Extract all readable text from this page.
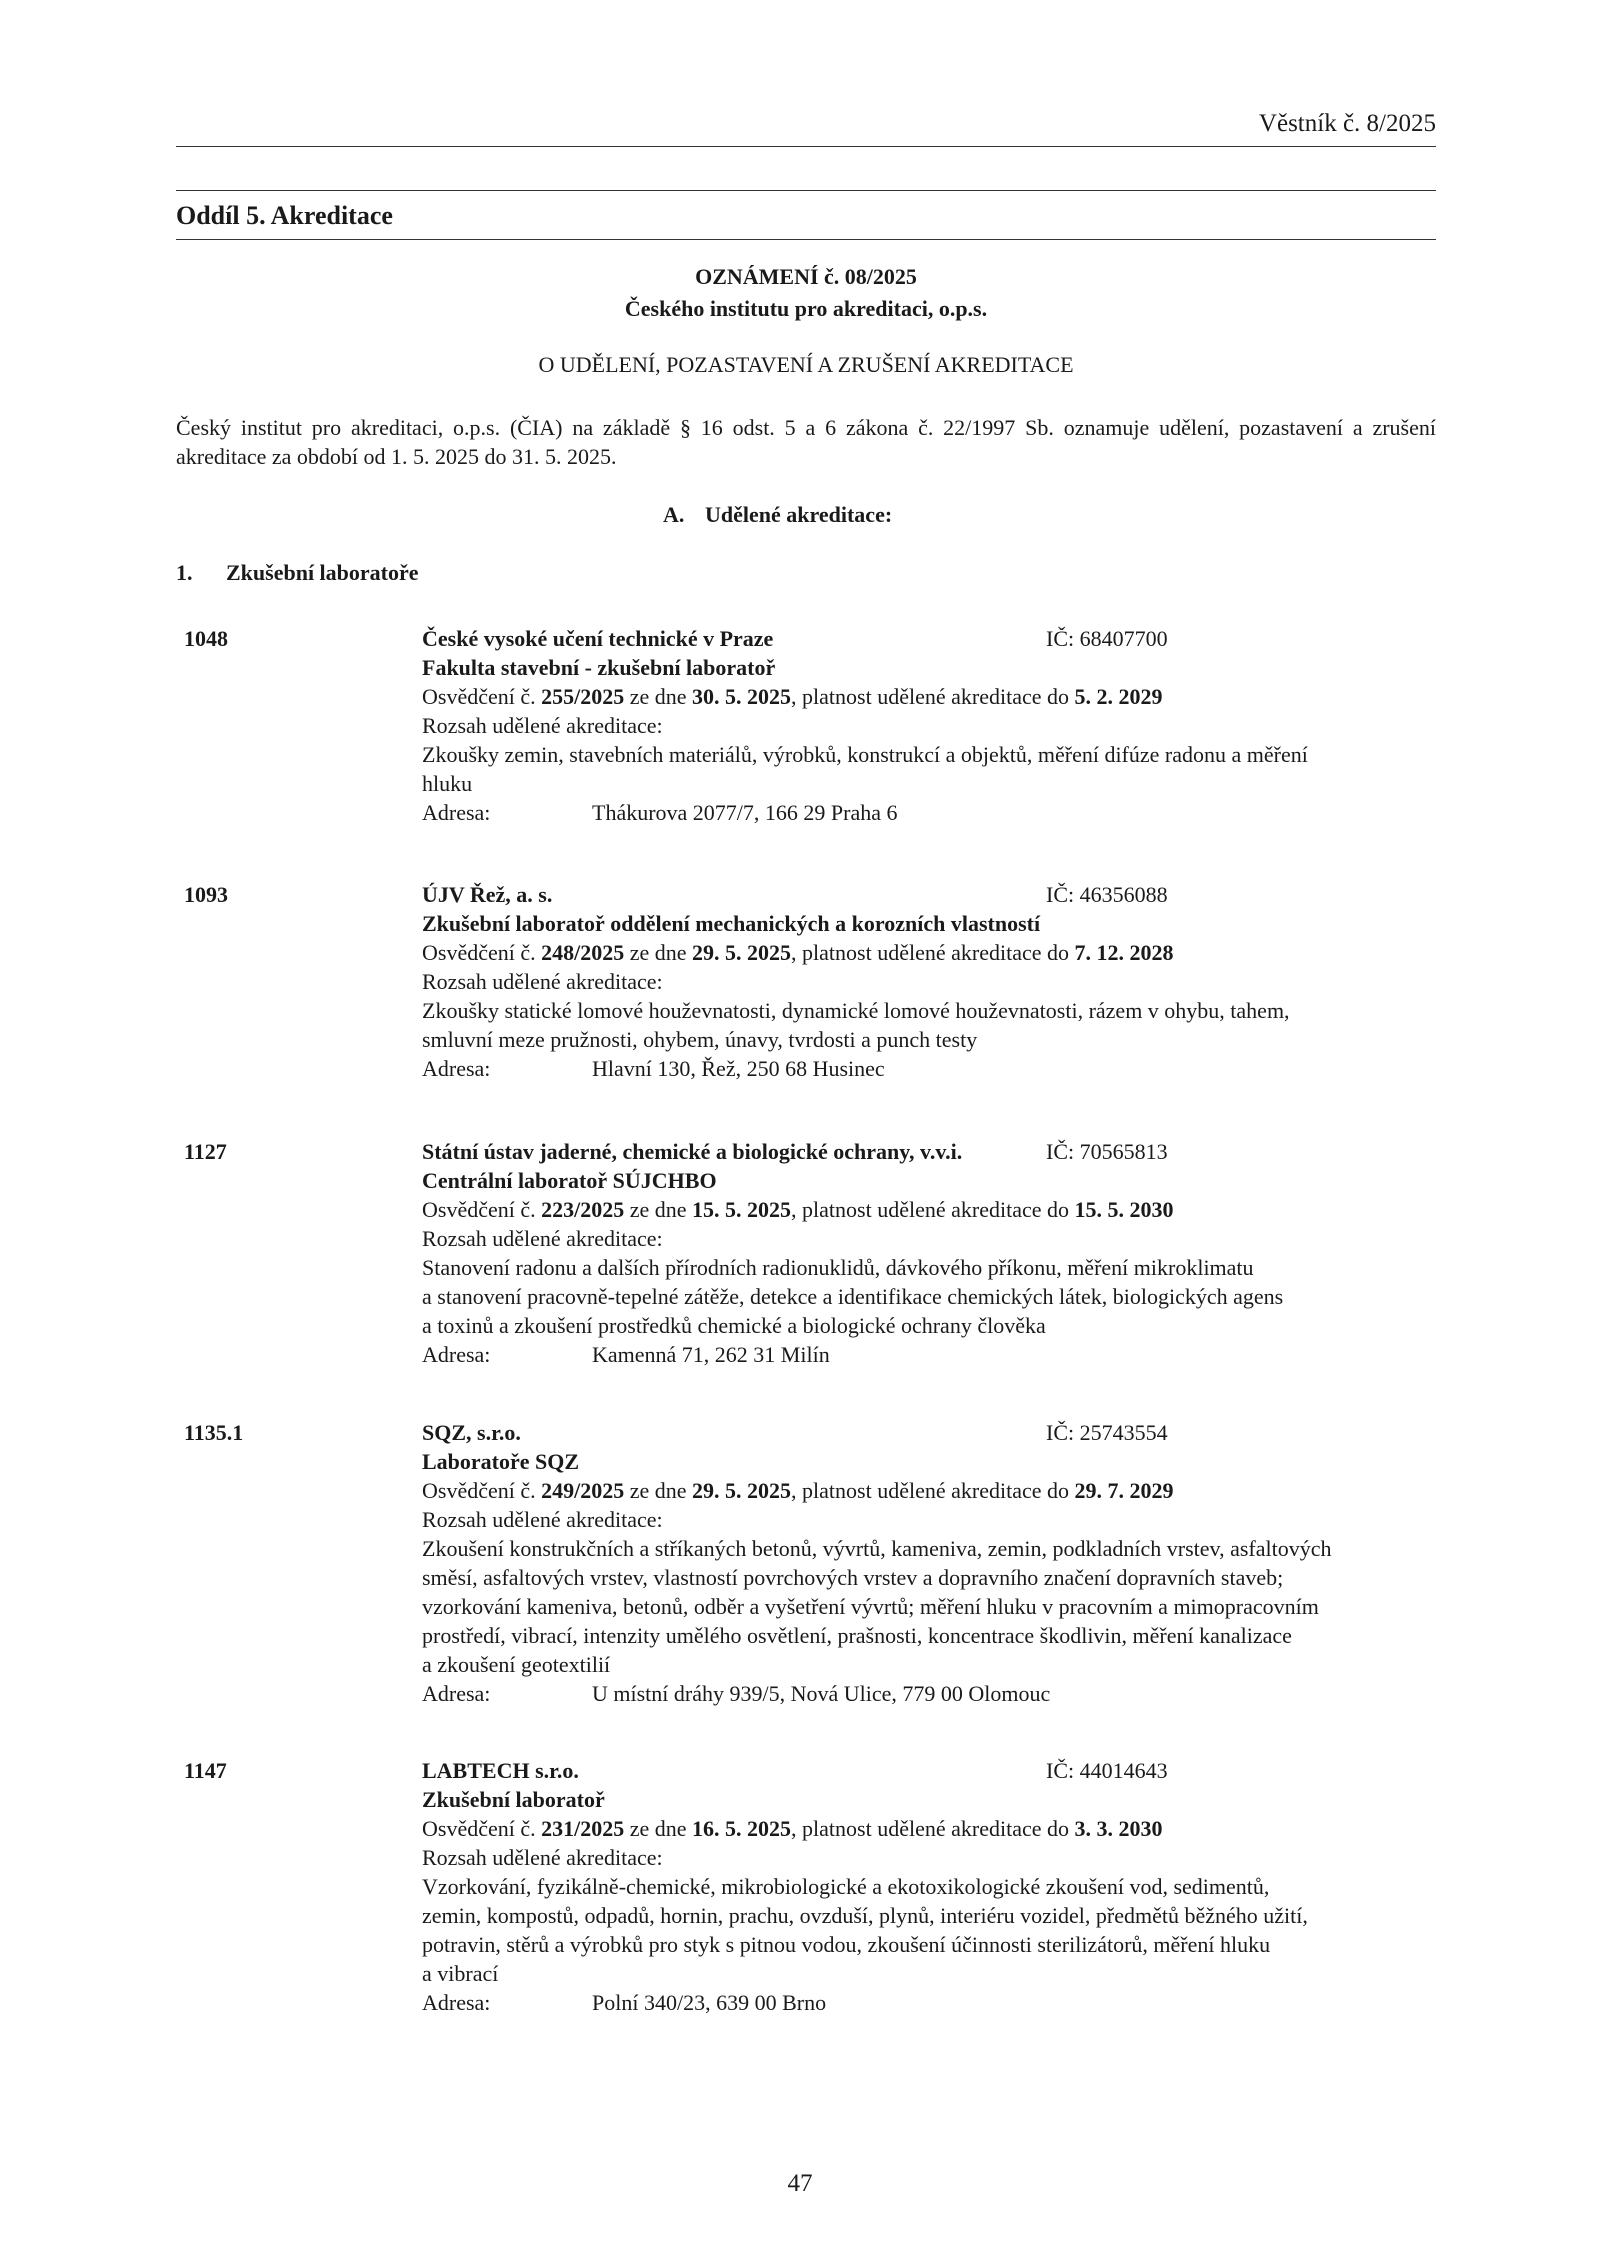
Věstník č. 8/2025
Oddíl 5. Akreditace
OZNÁMENÍ č. 08/2025
Českého institutu pro akreditaci, o.p.s.
O UDĚLENÍ, POZASTAVENÍ A ZRUŠENÍ AKREDITACE
Český institut pro akreditaci, o.p.s. (ČIA) na základě § 16 odst. 5 a 6 zákona č. 22/1997 Sb. oznamuje udělení, pozastavení a zrušení akreditace za období od 1. 5. 2025 do 31. 5. 2025.
A. Udělené akreditace:
1. Zkušební laboratoře
1048	České vysoké učení technické v Praze	IČ: 68407700
Fakulta stavební - zkušební laboratoř
Osvědčení č. 255/2025 ze dne 30. 5. 2025, platnost udělené akreditace do 5. 2. 2029
Rozsah udělené akreditace:
Zkoušky zemin, stavebních materiálů, výrobků, konstrukcí a objektů, měření difúze radonu a měření
hluku
Adresa:	Thákurova 2077/7, 166 29 Praha 6
1093	ÚJV Řež, a. s.	IČ: 46356088
Zkušební laboratoř oddělení mechanických a korozních vlastností
Osvědčení č. 248/2025 ze dne 29. 5. 2025, platnost udělené akreditace do 7. 12. 2028
Rozsah udělené akreditace:
Zkoušky statické lomové houževnatosti, dynamické lomové houževnatosti, rázem v ohybu, tahem,
smluvní meze pružnosti, ohybem, únavy, tvrdosti a punch testy
Adresa:	Hlavní 130, Řež, 250 68 Husinec
1127	Státní ústav jaderné, chemické a biologické ochrany, v.v.i.	IČ: 70565813
Centrální laboratoř SÚJCHBO
Osvědčení č. 223/2025 ze dne 15. 5. 2025, platnost udělené akreditace do 15. 5. 2030
Rozsah udělené akreditace:
Stanovení radonu a dalších přírodních radionuklidů, dávkového příkonu, měření mikroklimatu
a stanovení pracovně-tepelné zátěže, detekce a identifikace chemických látek, biologických agens
a toxinů a zkoušení prostředků chemické a biologické ochrany člověka
Adresa:	Kamenná 71, 262 31 Milín
1135.1	SQZ, s.r.o.	IČ: 25743554
Laboratoře SQZ
Osvědčení č. 249/2025 ze dne 29. 5. 2025, platnost udělené akreditace do 29. 7. 2029
Rozsah udělené akreditace:
Zkoušení konstrukčních a stříkaných betonů, vývrtů, kameniva, zemin, podkladních vrstev, asfaltových
směsí, asfaltových vrstev, vlastností povrchových vrstev a dopravního značení dopravních staveb;
vzorkování kameniva, betonů, odběr a vyšetření vývrtů; měření hluku v pracovním a mimopracovním
prostředí, vibrací, intenzity umělého osvětlení, prašnosti, koncentrace škodlivin, měření kanalizace
a zkoušení geotextilií
Adresa:	U místní dráhy 939/5, Nová Ulice, 779 00 Olomouc
1147	LABTECH s.r.o.	IČ: 44014643
Zkušební laboratoř
Osvědčení č. 231/2025 ze dne 16. 5. 2025, platnost udělené akreditace do 3. 3. 2030
Rozsah udělené akreditace:
Vzorkování, fyzikálně-chemické, mikrobiologické a ekotoxikologické zkoušení vod, sedimentů,
zemin, kompostů, odpadů, hornin, prachu, ovzduší, plynů, interiéru vozidel, předmětů běžného užití,
potravin, stěrů a výrobků pro styk s pitnou vodou, zkoušení účinnosti sterilizátorů, měření hluku
a vibrací
Adresa:	Polní 340/23, 639 00 Brno
47
